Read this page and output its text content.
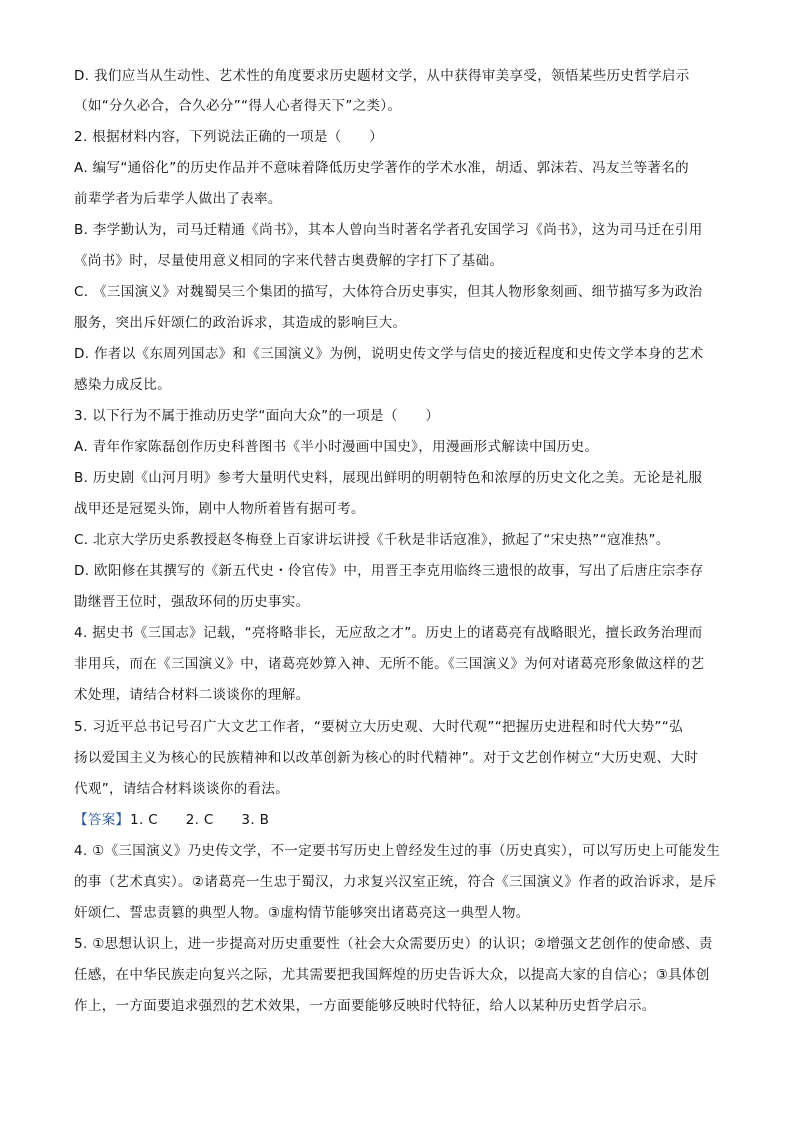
D. 我们应当从生动性、艺术性的角度要求历史题材文学，从中获得审美享受，领悟某些历史哲学启示
（如“分久必合，合久必分”“得人心者得天下”之类）。
2. 根据材料内容，下列说法正确的一项是（　　）
A. 编写“通俗化”的历史作品并不意味着降低历史学著作的学术水准，胡适、郭沫若、冯友兰等著名的
前辈学者为后辈学人做出了表率。
B. 李学勤认为，司马迁精通《尚书》，其本人曾向当时著名学者孔安国学习《尚书》，这为司马迁在引用
《尚书》时，尽量使用意义相同的字来代替古奥费解的字打下了基础。
C. 《三国演义》对魏蜀吴三个集团的描写，大体符合历史事实，但其人物形象刻画、细节描写多为政治
服务，突出斥奸颂仁的政治诉求，其造成的影响巨大。
D. 作者以《东周列国志》和《三国演义》为例，说明史传文学与信史的接近程度和史传文学本身的艺术
感染力成反比。
3. 以下行为不属于推动历史学“面向大众”的一项是（　　）
A. 青年作家陈磊创作历史科普图书《半小时漫画中国史》，用漫画形式解读中国历史。
B. 历史剧《山河月明》参考大量明代史料，展现出鲜明的明朝特色和浓厚的历史文化之美。无论是礼服
战甲还是冠冕头饰，剧中人物所着皆有据可考。
C. 北京大学历史系教授赵冬梅登上百家讲坛讲授《千秋是非话寇准》，掀起了“宋史热”“寇准热”。
D. 欧阳修在其撰写的《新五代史・伶官传》中，用晋王李克用临终三遗恨的故事，写出了后唐庄宗李存
勖继晋王位时，强敌环伺的历史事实。
4. 据史书《三国志》记载，“亮将略非长，无应敌之才”。历史上的诸葛亮有战略眼光，擅长政务治理而
非用兵，而在《三国演义》中，诸葛亮妙算入神、无所不能。《三国演义》为何对诸葛亮形象做这样的艺
术处理，请结合材料二谈谈你的理解。
5. 习近平总书记号召广大文艺工作者，“要树立大历史观、大时代观”“把握历史进程和时代大势”“弘
扬以爱国主义为核心的民族精神和以改革创新为核心的时代精神”。对于文艺创作树立“大历史观、大时
代观”，请结合材料谈谈你的看法。
【答案】 1. C　　2. C　　3. B
4. ①《三国演义》乃史传文学，不一定要书写历史上曾经发生过的事（历史真实），可以写历史上可能发生
的事（艺术真实）。②诸葛亮一生忠于蜀汉，力求复兴汉室正统，符合《三国演义》作者的政治诉求，是斥
奸颂仁、誓忠责篡的典型人物。③虚构情节能够突出诸葛亮这一典型人物。
5. ①思想认识上，进一步提高对历史重要性（社会大众需要历史）的认识；②增强文艺创作的使命感、责
任感，在中华民族走向复兴之际，尤其需要把我国辉煌的历史告诉大众，以提高大家的自信心；③具体创
作上，一方面要追求强烈的艺术效果，一方面要能够反映时代特征，给人以某种历史哲学启示。
